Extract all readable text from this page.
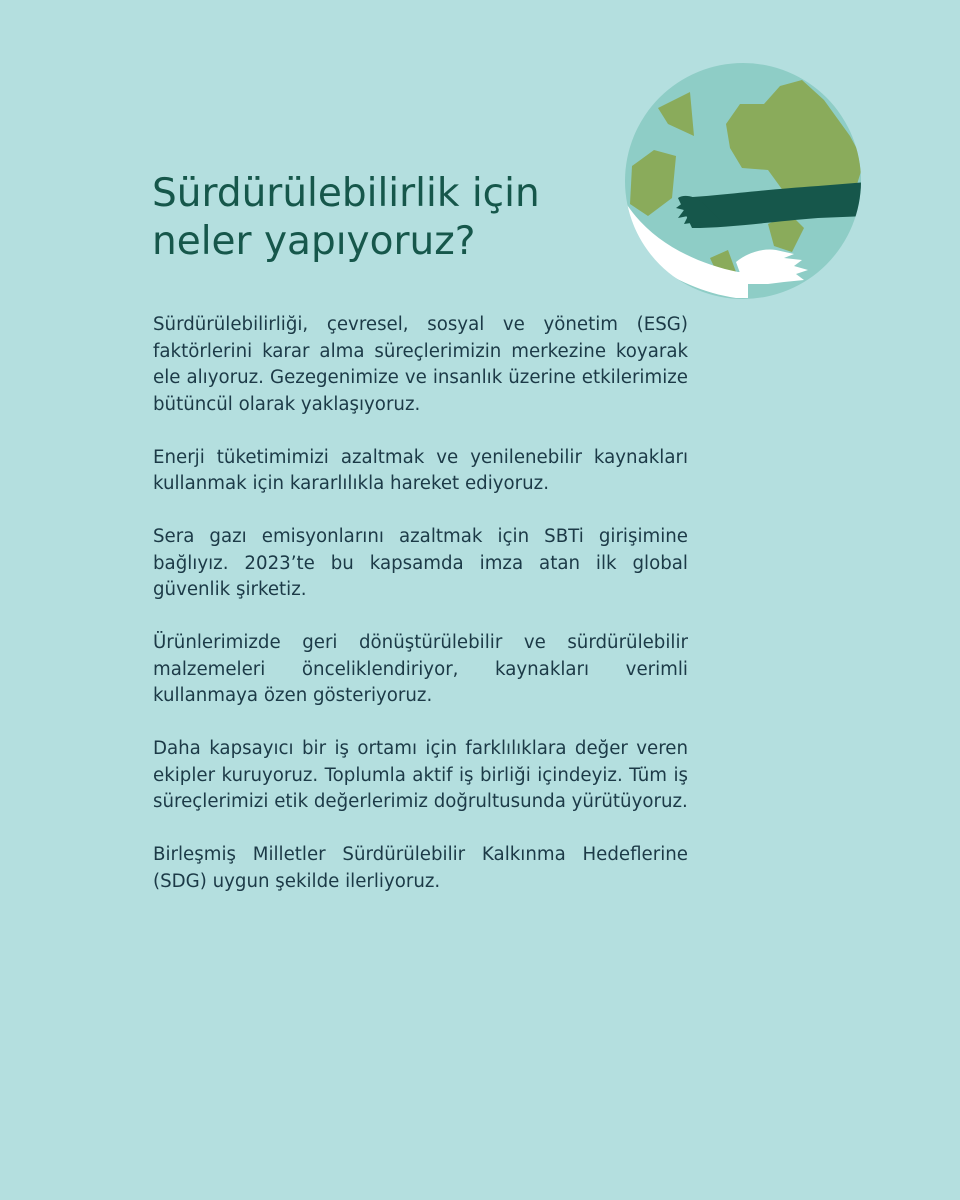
Sürdürülebilirlik için
neler yapıyoruz?

Sürdürülebilirliği, çevresel, sosyal ve yönetim (ESG) faktörlerini karar alma süreçlerimizin merkezine koyarak ele alıyoruz. Gezegenimize ve insanlık üzerine etkilerimize bütüncül olarak yaklaşıyoruz.

Enerji tüketimimizi azaltmak ve yenilenebilir kaynakları kullanmak için kararlılıkla hareket ediyoruz.

Sera gazı emisyonlarını azaltmak için SBTi girişimine bağlıyız. 2023’te bu kapsamda imza atan ilk global güvenlik şirketiz.

Ürünlerimizde geri dönüştürülebilir ve sürdürülebilir malzemeleri önceliklendiriyor, kaynakları verimli kullanmaya özen gösteriyoruz.

Daha kapsayıcı bir iş ortamı için farklılıklara değer veren ekipler kuruyoruz. Toplumla aktif iş birliği içindeyiz. Tüm iş süreçlerimizi etik değerlerimiz doğrultusunda yürütüyoruz.

Birleşmiş Milletler Sürdürülebilir Kalkınma Hedeflerine (SDG) uygun şekilde ilerliyoruz.
